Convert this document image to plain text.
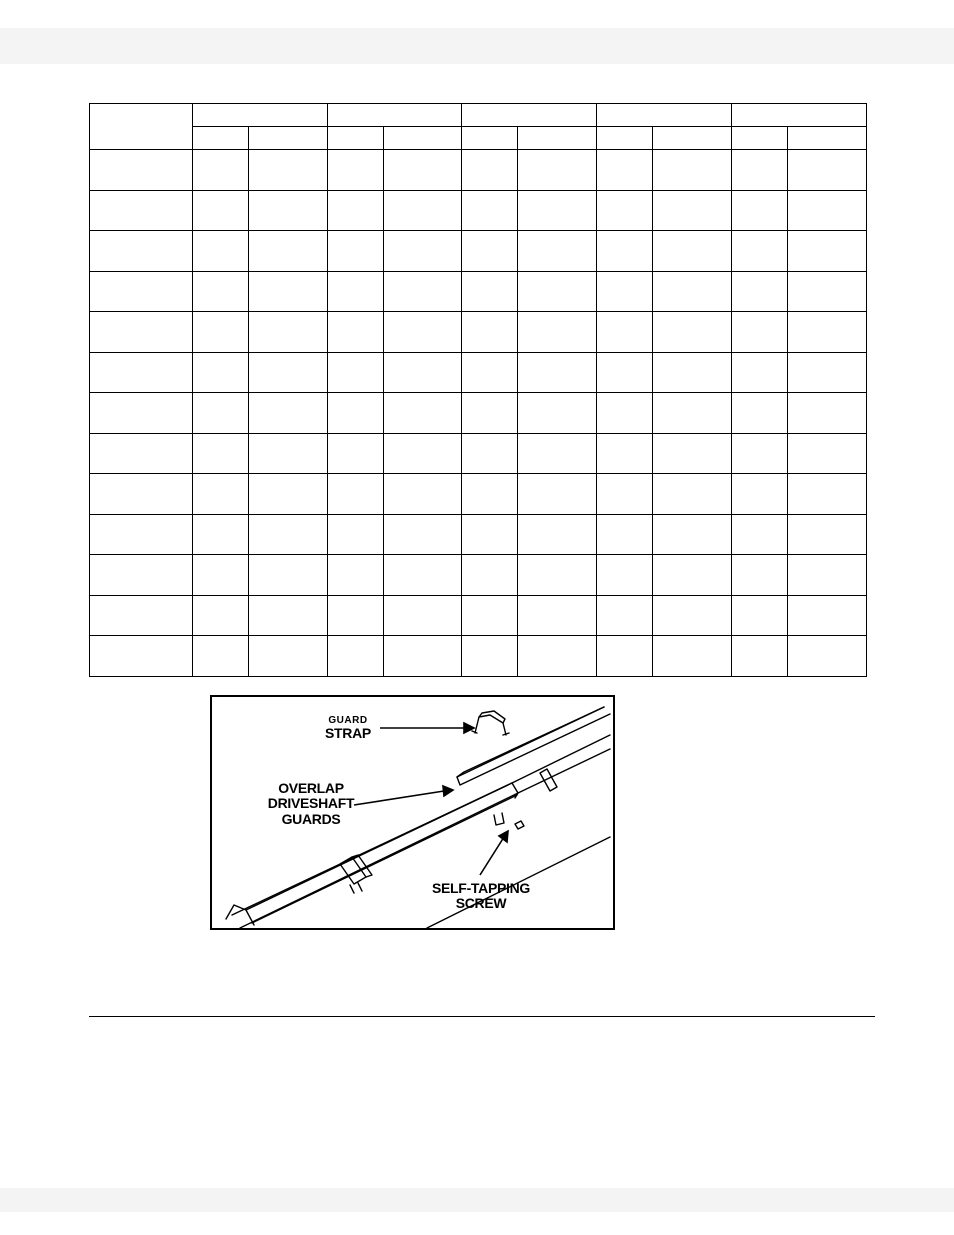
GUARD
STRAP
OVERLAP
DRIVESHAFT
GUARDS
SELF-TAPPING
SCREW
